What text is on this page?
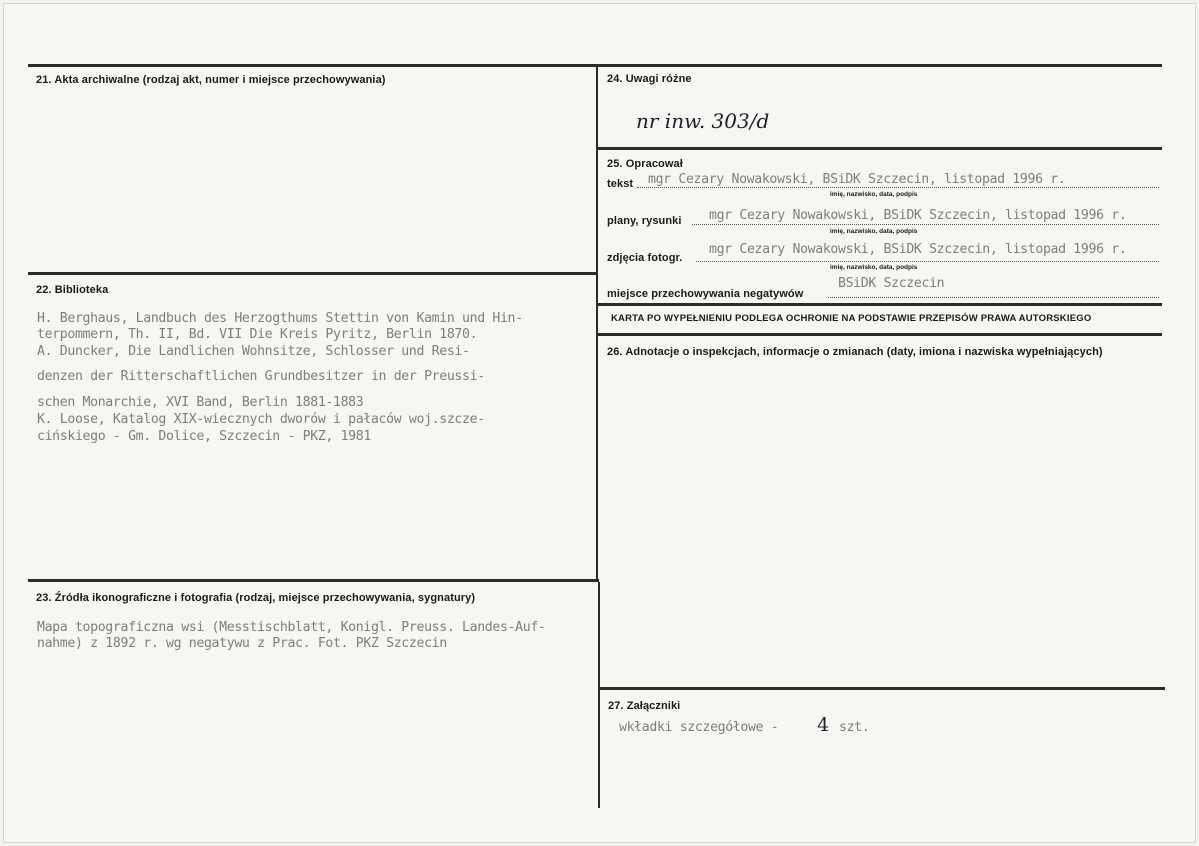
21. Akta archiwalne (rodzaj akt, numer i miejsce przechowywania)
22. Biblioteka
H. Berghaus, Landbuch des Herzogthums Stettin von Kamin und Hin-
terpommern, Th. II, Bd. VII Die Kreis Pyritz, Berlin 1870.
A. Duncker, Die Landlichen Wohnsitze, Schlosser und Resi-
denzen der Ritterschaftlichen Grundbesitzer in der Preussi-
schen Monarchie, XVI Band, Berlin 1881-1883
K. Loose, Katalog XIX-wiecznych dworów i pałaców woj.szcze-
cińskiego - Gm. Dolice, Szczecin - PKZ, 1981
23. Źródła ikonograficzne i fotografia (rodzaj, miejsce przechowywania, sygnatury)
Mapa topograficzna wsi (Messtischblatt, Konigl. Preuss. Landes-Auf-
nahme) z 1892 r. wg negatywu z Prac. Fot. PKZ Szczecin
24. Uwagi różne
nr inw. 303/d
25. Opracował
tekst mgr Cezary Nowakowski, BSiDK Szczecin, listopad 1996 r.
imię, nazwisko, data, podpis
plany, rysunki mgr Cezary Nowakowski, BSiDK Szczecin, listopad 1996 r.
imię, nazwisko, data, podpis
zdjęcia fotogr.
mgr Cezary Nowakowski, BSiDK Szczecin, listopad 1996 r.
imię, nazwisko, data, podpis
miejsce przechowywania negatywów
BSiDK Szczecin
KARTA PO WYPEŁNIENIU PODLEGA OCHRONIE NA PODSTAWIE PRZEPISÓW PRAWA AUTORSKIEGO
26. Adnotacje o inspekcjach, informacje o zmianach (daty, imiona i nazwiska wypełniających)
27. Załączniki
wkładki szczegółowe - 4 szt.
